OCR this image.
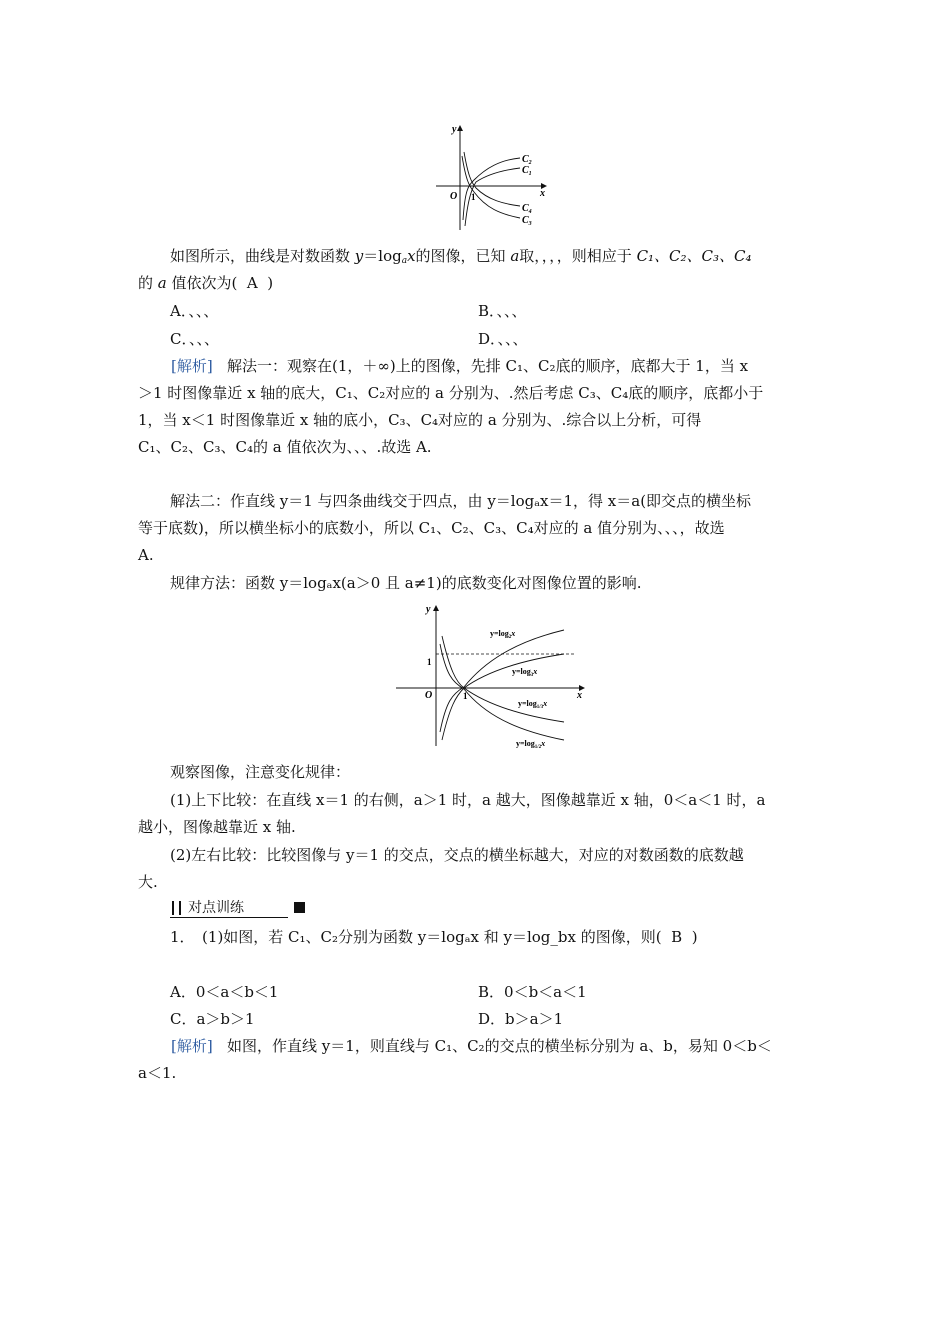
y
x
O 1
$C_2$
$C_1$
$C_4$
$C_3$
如图所示，曲线是对数函数 $y=\log_ax$的图像，已知 a取，，，，则相应于 C₁、C₂、C₃、C₄
的 a 值依次为( A )
A．、、、	B．、、、
C．、、、	D．、、、
[解析] 解法一：观察在(1，＋∞)上的图像，先排 C₁、C₂底的顺序，底都大于 1，当 x
＞1 时图像靠近 x 轴的底大，C₁、C₂对应的 a 分别为、.然后考虑 C₃、C₄底的顺序，底都小于
1，当 x＜1 时图像靠近 x 轴的底小，C₃、C₄对应的 a 分别为、.综合以上分析，可得
C₁、C₂、C₃、C₄的 a 值依次为、、、.故选 A.
解法二：作直线 y＝1 与四条曲线交于四点，由 y＝logₐx＝1，得 x＝a(即交点的横坐标
等于底数)，所以横坐标小的底数小，所以 C₁、C₂、C₃、C₄对应的 a 值分别为、、、，故选
A.
规律方法：函数 y＝logₐx(a＞0 且 a≠1)的底数变化对图像位置的影响.
y
x
O	1
1
$y=\log_2x$
$y=\log_3x$
$y=\log_{1/3}x$
$y=\log_{1/2}x$
观察图像，注意变化规律：
(1)上下比较：在直线 x＝1 的右侧，a＞1 时，a 越大，图像越靠近 x 轴，0＜a＜1 时，a
越小，图像越靠近 x 轴.
(2)左右比较：比较图像与 y＝1 的交点，交点的横坐标越大，对应的对数函数的底数越
大.
对点训练
1．　(1)如图，若 C₁、C₂分别为函数 y＝logₐx 和 y＝log_bx 的图像，则( B )
A．0＜a＜b＜1	B．0＜b＜a＜1
C．a＞b＞1	D．b＞a＞1
[解析] 如图，作直线 y＝1，则直线与 C₁、C₂的交点的横坐标分别为 a、b，易知 0＜b＜
a＜1.
